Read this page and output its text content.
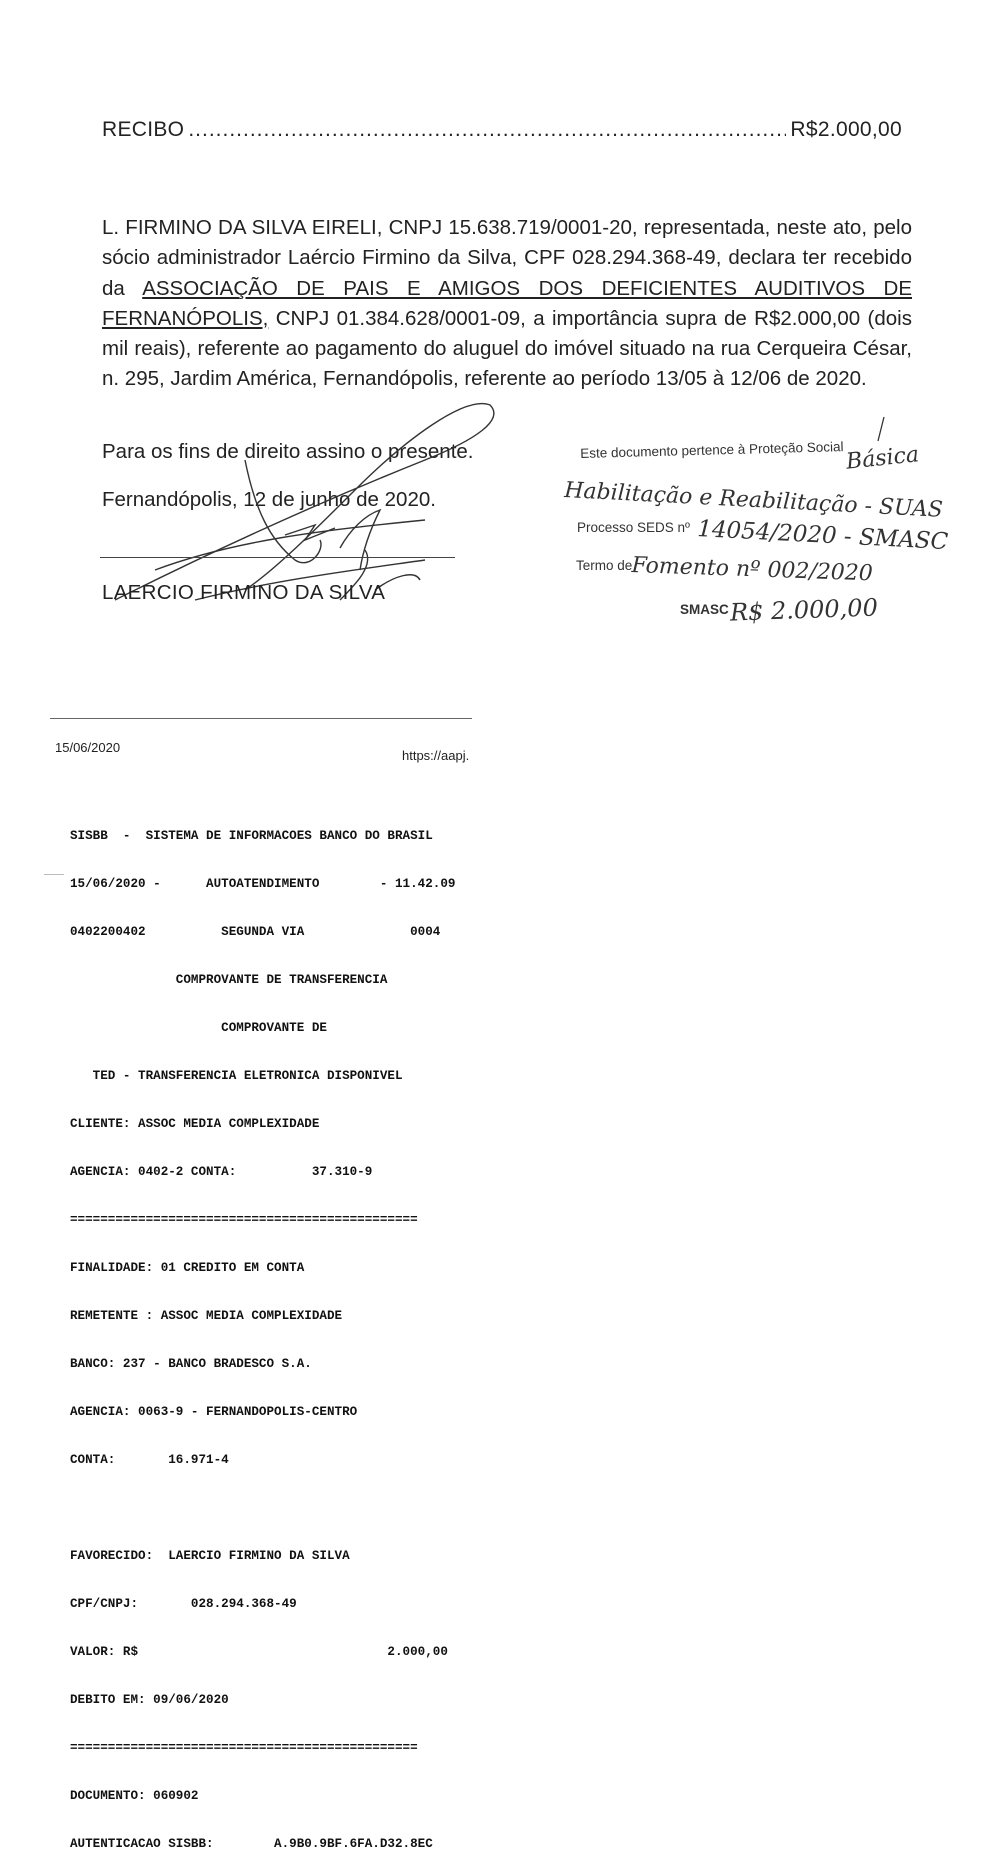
RECIBO
.....	R$2.000,00
L. FIRMINO DA SILVA EIRELI, CNPJ 15.638.719/0001-20, representada, neste ato, pelo sócio administrador Laércio Firmino da Silva, CPF 028.294.368-49, declara ter recebido da ASSOCIAÇÃO DE PAIS E AMIGOS DOS DEFICIENTES AUDITIVOS DE FERNANÓPOLIS, CNPJ 01.384.628/0001-09, a importância supra de R$2.000,00 (dois mil reais), referente ao pagamento do aluguel do imóvel situado na rua Cerqueira César, n. 295, Jardim América, Fernandópolis, referente ao período 13/05 à 12/06 de 2020.
Para os fins de direito assino o presente.
Fernandópolis, 12 de junho de 2020.
LAERCIO FIRMINO DA SILVA
Este documento pertence à Proteção Social Básica
Habilitação e Reabilitação - SUAS
Processo SEDS nº 14054/2020 - SMASC
Termo de
Fomento nº 002/2020
SMASC R$ 2.000,00
15/06/2020
https://aapj.

SISBB  -  SISTEMA DE INFORMACOES BANCO DO BRASIL

15/06/2020 -      AUTOATENDIMENTO        - 11.42.09

0402200402          SEGUNDA VIA              0004

COMPROVANTE DE TRANSFERENCIA

COMPROVANTE DE

TED - TRANSFERENCIA ELETRONICA DISPONIVEL

CLIENTE: ASSOC MEDIA COMPLEXIDADE

AGENCIA: 0402-2 CONTA:          37.310-9

==============================================

FINALIDADE: 01 CREDITO EM CONTA

REMETENTE : ASSOC MEDIA COMPLEXIDADE

BANCO: 237 - BANCO BRADESCO S.A.

AGENCIA: 0063-9 - FERNANDOPOLIS-CENTRO

CONTA:       16.971-4

FAVORECIDO:  LAERCIO FIRMINO DA SILVA

CPF/CNPJ:       028.294.368-49

VALOR: R$                                 2.000,00

DEBITO EM: 09/06/2020

==============================================

DOCUMENTO: 060902

AUTENTICACAO SISBB:        A.9B0.9BF.6FA.D32.8EC
